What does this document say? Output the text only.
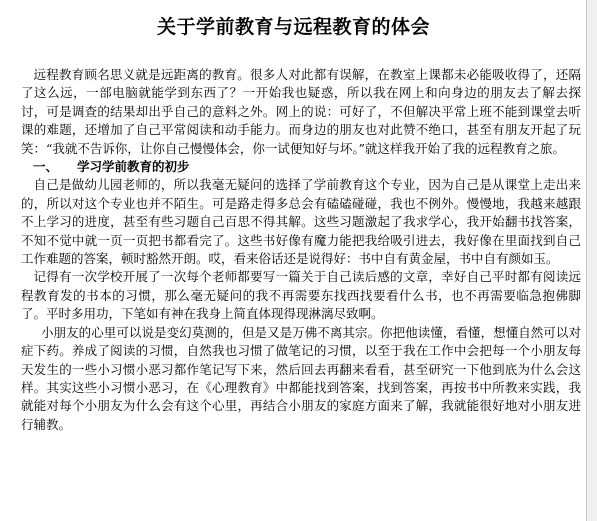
关于学前教育与远程教育的体会

远程教育顾名思义就是远距离的教育。很多人对此都有误解，在教室上课都未必能吸收得了，还隔了这么远，一部电脑就能学到东西了？一开始我也疑惑，所以我在网上和向身边的朋友去了解去探讨，可是调查的结果却出乎自己的意料之外。网上的说：可好了，不但解决平常上班不能到课堂去听课的难题，还增加了自己平常阅读和动手能力。而身边的朋友也对此赞不绝口，甚至有朋友开起了玩笑：“我就不告诉你，让你自己慢慢体会，你一试便知好与坏。”就这样我开始了我的远程教育之旅。

一、 学习学前教育的初步

自己是做幼儿园老师的，所以我毫无疑问的选择了学前教育这个专业，因为自己是从课堂上走出来的，所以对这个专业也并不陌生。可是路走得多总会有磕磕碰碰，我也不例外。慢慢地，我越来越跟不上学习的进度，甚至有些习题自己百思不得其解。这些习题激起了我求学心，我开始翻书找答案，不知不觉中就一页一页把书都看完了。这些书好像有魔力能把我给吸引进去，我好像在里面找到自己工作难题的答案，顿时豁然开朗。哎，看来俗话还是说得好：书中自有黄金屋，书中自有颜如玉。

记得有一次学校开展了一次每个老师都要写一篇关于自己读后感的文章，幸好自己平时都有阅读远程教育发的书本的习惯，那么毫无疑问的我不再需要东找西找要看什么书，也不再需要临急抱佛脚了。平时多用功，下笔如有神在我身上简直体现得现淋漓尽致啊。

小朋友的心里可以说是变幻莫测的，但是又是万佛不离其宗。你把他读懂，看懂，想懂自然可以对症下药。养成了阅读的习惯，自然我也习惯了做笔记的习惯，以至于我在工作中会把每一个小朋友每天发生的一些小习惯小恶习都作笔记写下来，然后回去再翻来看看，甚至研究一下他到底为什么会这样。其实这些小习惯小恶习，在《心理教育》中都能找到答案，找到答案，再按书中所教来实践，我就能对每个小朋友为什么会有这个心里，再结合小朋友的家庭方面来了解，我就能很好地对小朋友进行辅教。
